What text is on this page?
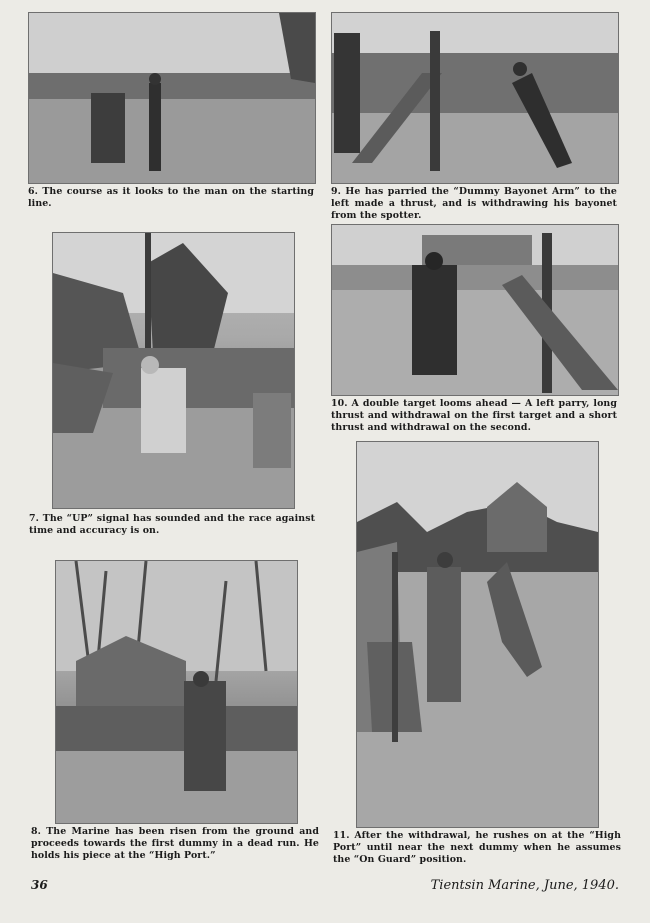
6. The course as it looks to the man on the starting line.
9. He has parried the “Dummy Bayonet Arm” to the left made a thrust, and is withdrawing his bayonet from the spotter.
7. The “UP” signal has sounded and the race against time and accuracy is on.
10. A double target looms ahead — A left parry, long thrust and withdrawal on the first target and a short thrust and withdrawal on the second.
8. The Marine has been risen from the ground and proceeds towards the first dummy in a dead run. He holds his piece at the “High Port.”
11. After the withdrawal, he rushes on at the “High Port” until near the next dummy when he assumes the “On Guard” position.
36	Tientsin Marine, June, 1940.
